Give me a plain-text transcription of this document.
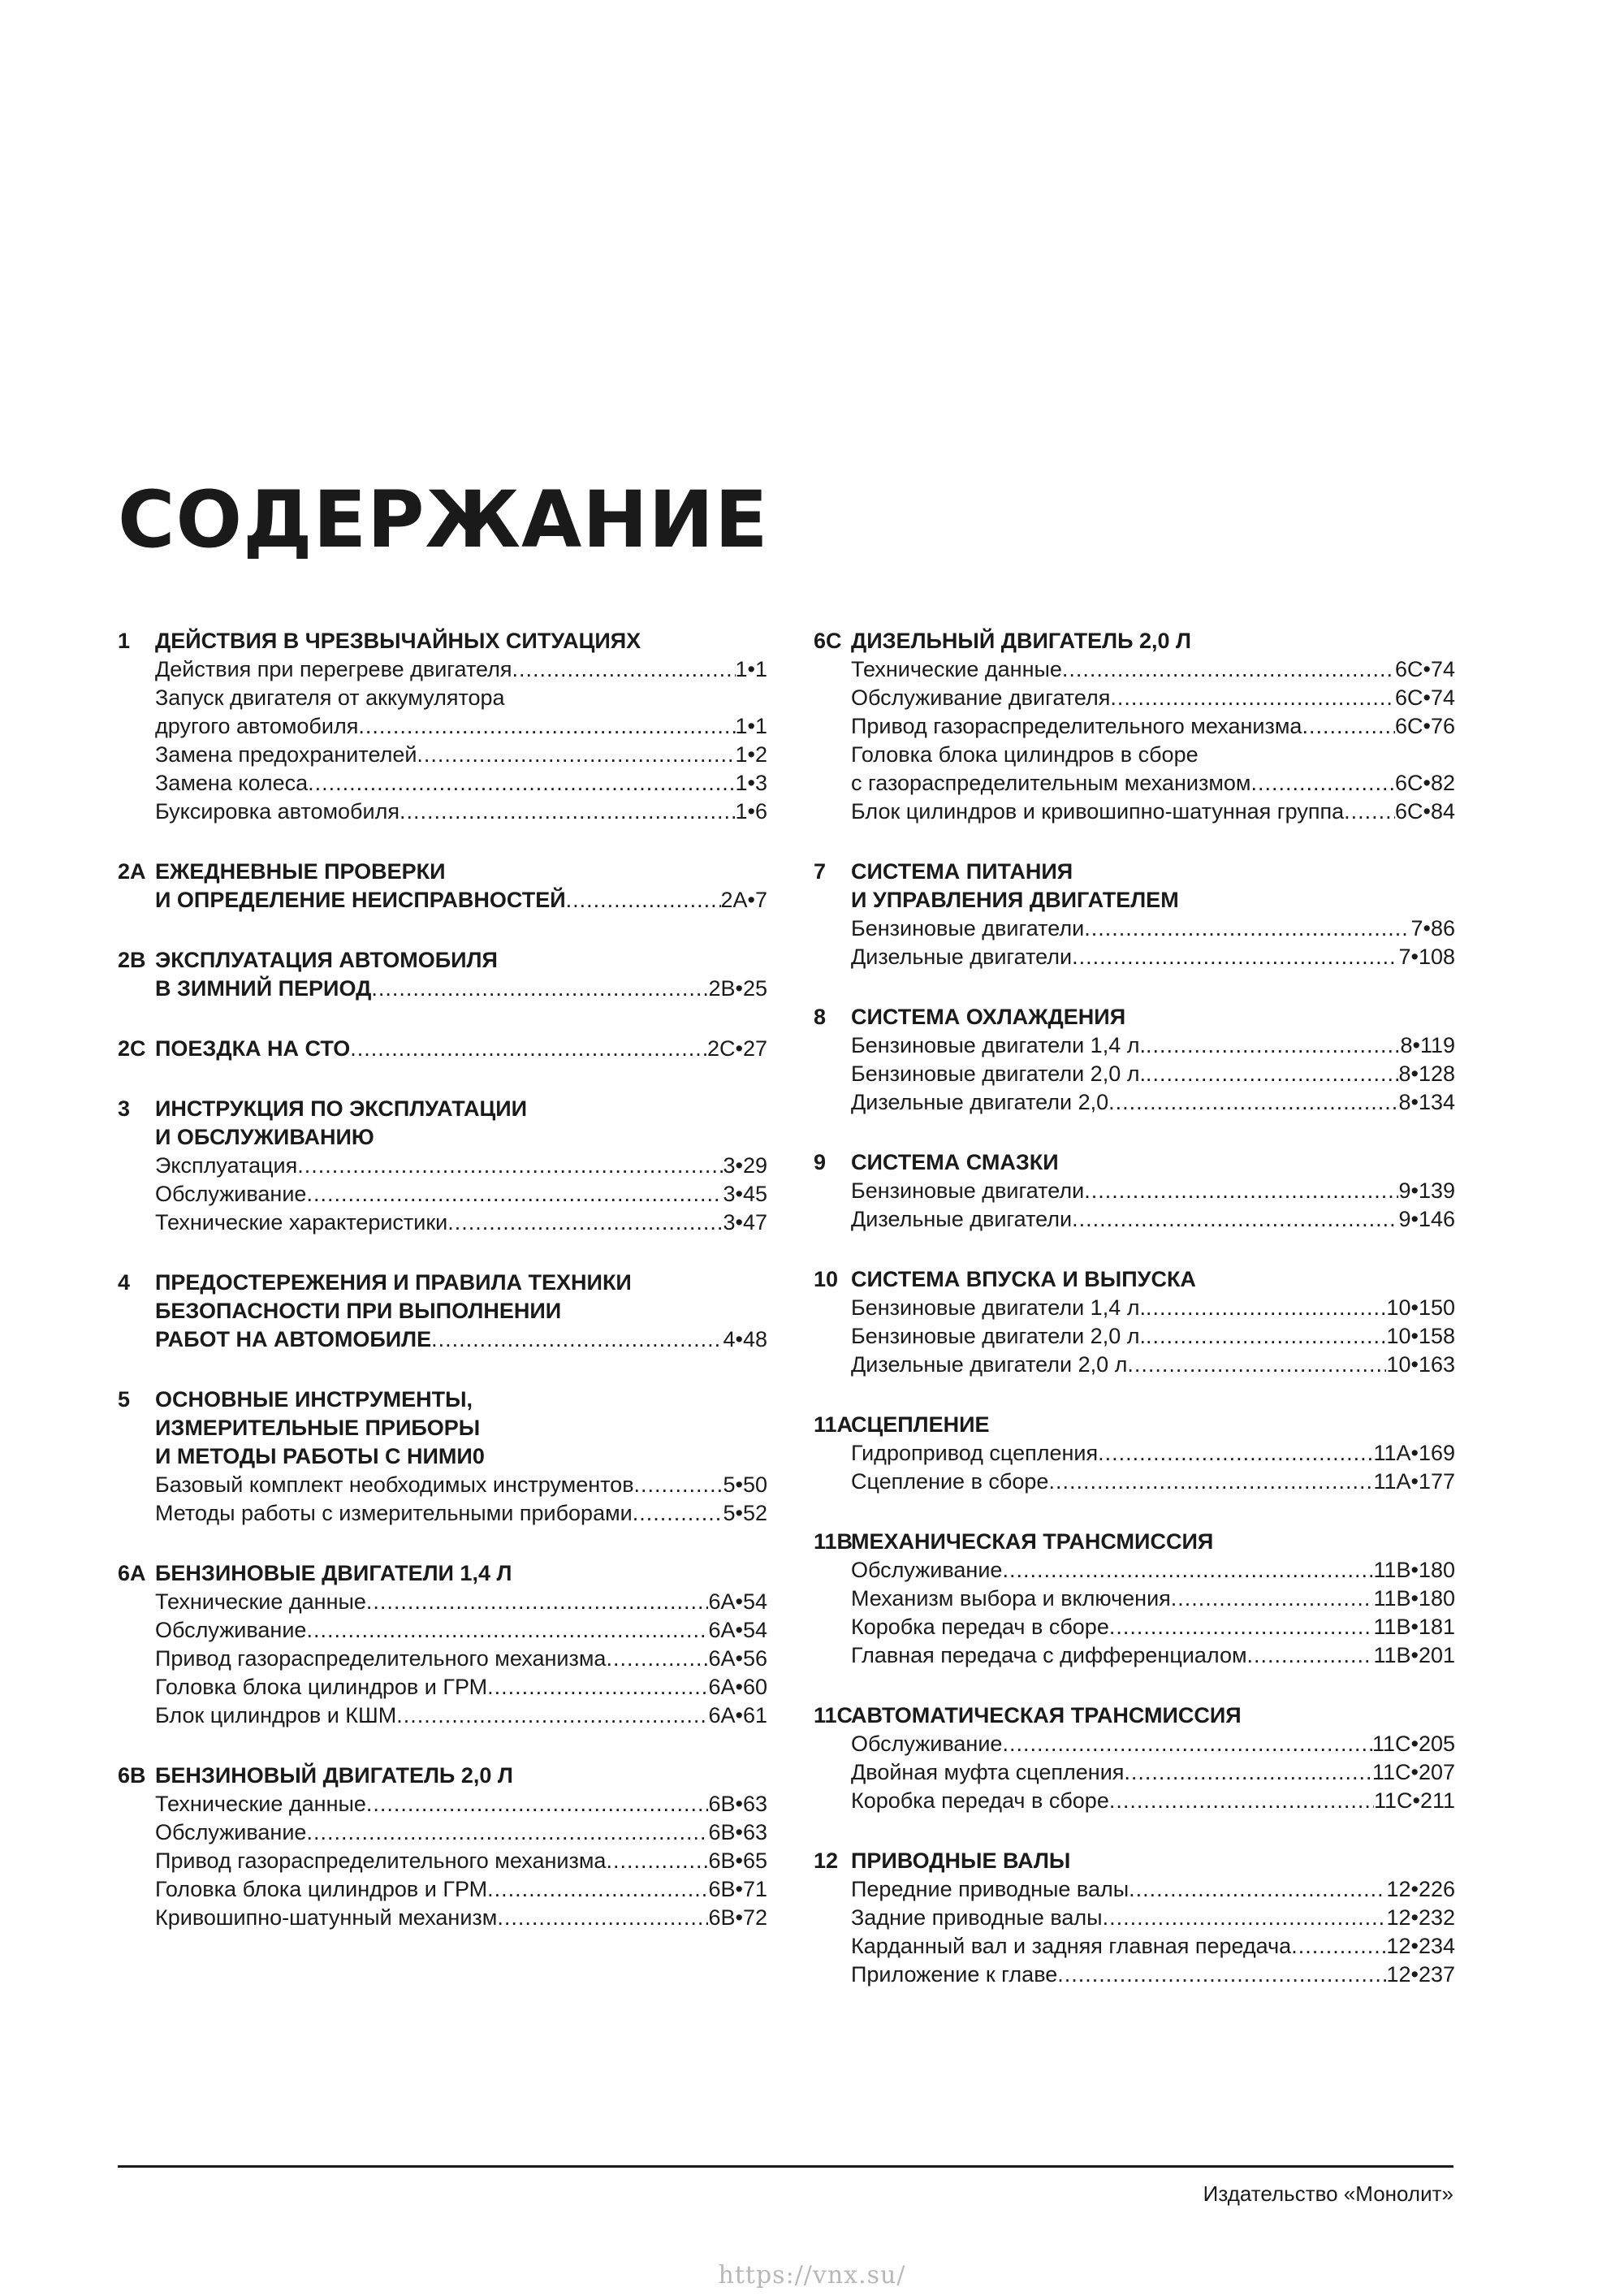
СОДЕРЖАНИЕ
1	ДЕЙСТВИЯ В ЧРЕЗВЫЧАЙНЫХ СИТУАЦИЯХ
Действия при перегреве двигателя .....	1•1
Запуск двигателя от аккумулятора
другого автомобиля .....	1•1
Замена предохранителей .....	1•2
Замена колеса .....	1•3
Буксировка автомобиля .....	1•6
2A ЕЖЕДНЕВНЫЕ ПРОВЕРКИ
И ОПРЕДЕЛЕНИЕ НЕИСПРАВНОСТЕЙ .....	2A•7
2B ЭКСПЛУАТАЦИЯ АВТОМОБИЛЯ
В ЗИМНИЙ ПЕРИОД .....	2B•25
2C ПОЕЗДКА НА СТО .....	2C•27
3	ИНСТРУКЦИЯ ПО ЭКСПЛУАТАЦИИ
И ОБСЛУЖИВАНИЮ
Эксплуатация .....	3•29
Обслуживание .....	3•45
Технические характеристики .....	3•47
4	ПРЕДОСТЕРЕЖЕНИЯ И ПРАВИЛА ТЕХНИКИ
БЕЗОПАСНОСТИ ПРИ ВЫПОЛНЕНИИ
РАБОТ НА АВТОМОБИЛЕ .....	4•48
5	ОСНОВНЫЕ ИНСТРУМЕНТЫ,
ИЗМЕРИТЕЛЬНЫЕ ПРИБОРЫ
И МЕТОДЫ РАБОТЫ С НИМИ0
Базовый комплект необходимых инструментов .....	5•50
Методы работы с измерительными приборами .....	5•52
6A БЕНЗИНОВЫЕ ДВИГАТЕЛИ 1,4 Л
Технические данные .....	6A•54
Обслуживание .....	6A•54
Привод газораспределительного механизма .....	6A•56
Головка блока цилиндров и ГРМ .....	6A•60
Блок цилиндров и КШМ .....	6A•61
6B БЕНЗИНОВЫЙ ДВИГАТЕЛЬ 2,0 Л
Технические данные .....	6B•63
Обслуживание .....	6B•63
Привод газораспределительного механизма .....	6B•65
Головка блока цилиндров и ГРМ .....	6B•71
Кривошипно-шатунный механизм .....	6B•72
6C ДИЗЕЛЬНЫЙ ДВИГАТЕЛЬ 2,0 Л
Технические данные .....	6C•74
Обслуживание двигателя .....	6C•74
Привод газораспределительного механизма .....	6C•76
Головка блока цилиндров в сборе
с газораспределительным механизмом .....	6C•82
Блок цилиндров и кривошипно-шатунная группа ..... 6C•84
7	СИСТЕМА ПИТАНИЯ
И УПРАВЛЕНИЯ ДВИГАТЕЛЕМ
Бензиновые двигатели .....	7•86
Дизельные двигатели .....	7•108
8	СИСТЕМА ОХЛАЖДЕНИЯ
Бензиновые двигатели 1,4 л. .....	8•119
Бензиновые двигатели 2,0 л. .....	8•128
Дизельные двигатели 2,0 .....	8•134
9	СИСТЕМА СМАЗКИ
Бензиновые двигатели .....	9•139
Дизельные двигатели .....	9•146
10 СИСТЕМА ВПУСКА И ВЫПУСКА
Бензиновые двигатели 1,4 л. .....	10•150
Бензиновые двигатели 2,0 л. .....	10•158
Дизельные двигатели 2,0 л .....	10•163
11A
СЦЕПЛЕНИЕ
Гидропривод сцепления .....	11A•169
Сцепление в сборе .....	11A•177
11B
МЕХАНИЧЕСКАЯ ТРАНСМИССИЯ
Обслуживание .....	11B•180
Механизм выбора и включения .....	11B•180
Коробка передач в сборе .....	11B•181
Главная передача с дифференциалом .....	11B•201
11C
АВТОМАТИЧЕСКАЯ ТРАНСМИССИЯ
Обслуживание .....	11C•205
Двойная муфта сцепления .....	11C•207
Коробка передач в сборе .....	11C•211
12 ПРИВОДНЫЕ ВАЛЫ
Передние приводные валы .....	12•226
Задние приводные валы .....	12•232
Карданный вал и задняя главная передача .....	12•234
Приложение к главе .....	12•237
Издательство «Монолит»
https://vnx.su/
